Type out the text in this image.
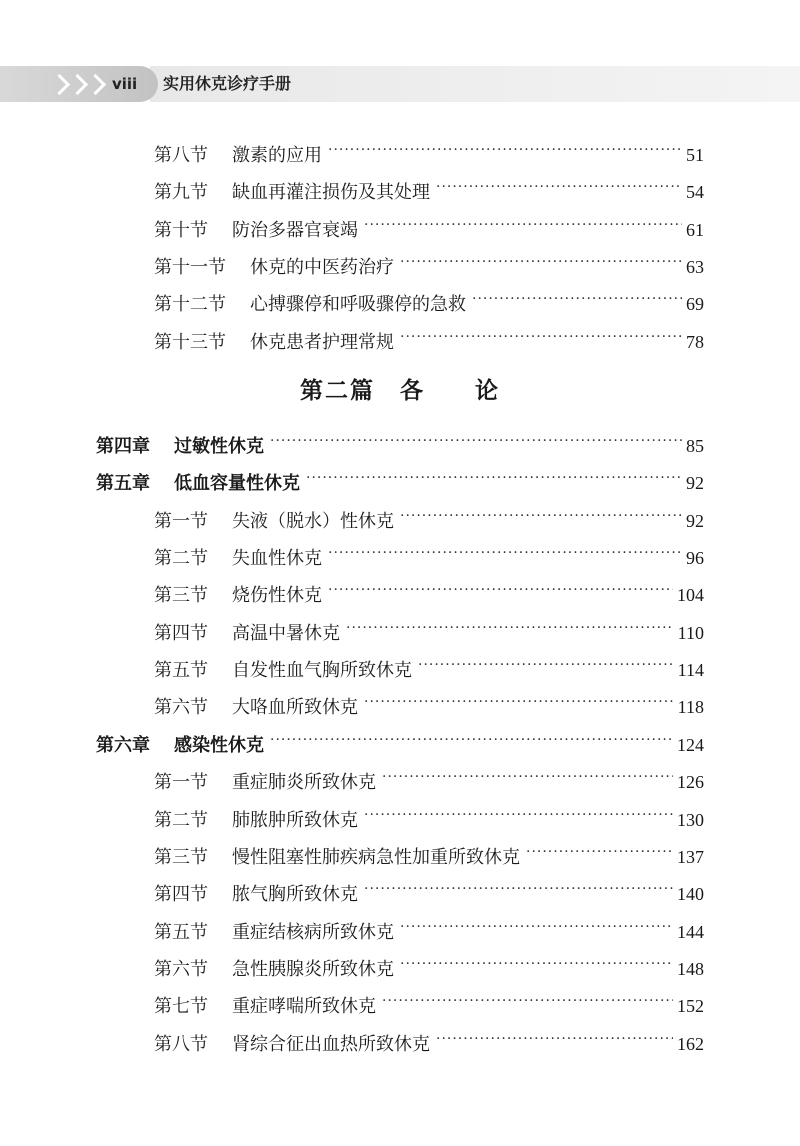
viii 实用休克诊疗手册
第八节	激素的应用 ·····	51
第九节	缺血再灌注损伤及其处理 ·····	54
第十节	防治多器官衰竭 ·····	61
第十一节	休克的中医药治疗 ·····	63
第十二节	心搏骤停和呼吸骤停的急救 ·····	69
第十三节	休克患者护理常规 ·····	78
第二篇　各　　论
第四章	过敏性休克 ·····	85
第五章	低血容量性休克 ·····	92
第一节	失液（脱水）性休克 ·····	92
第二节	失血性休克 ·····	96
第三节	烧伤性休克 ·····	104
第四节	高温中暑休克 ·····	110
第五节	自发性血气胸所致休克 ·····	114
第六节	大咯血所致休克 ·····	118
第六章	感染性休克 ·····	124
第一节	重症肺炎所致休克 ·····	126
第二节	肺脓肿所致休克 ·····	130
第三节	慢性阻塞性肺疾病急性加重所致休克 ·····	137
第四节	脓气胸所致休克 ·····	140
第五节	重症结核病所致休克 ·····	144
第六节	急性胰腺炎所致休克 ·····	148
第七节	重症哮喘所致休克 ·····	152
第八节	肾综合征出血热所致休克 ·····	162
